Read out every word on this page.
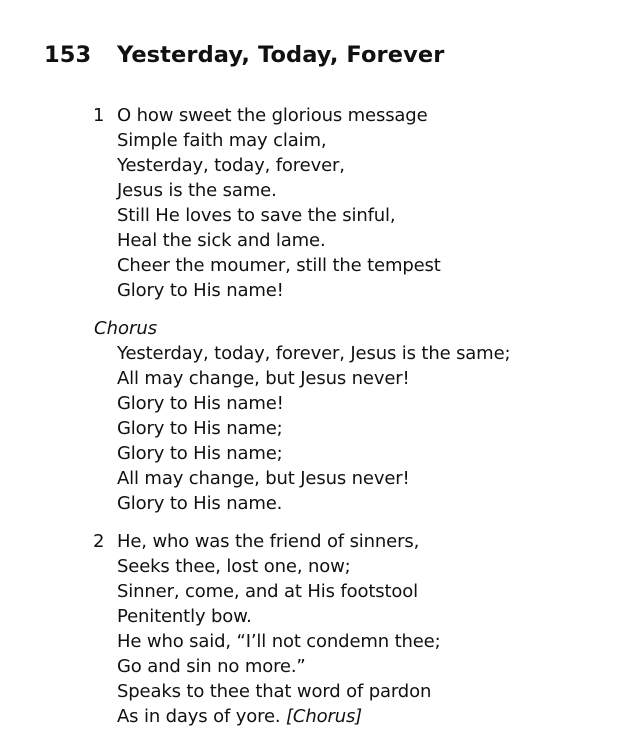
153 Yesterday, Today, Forever
1 O how sweet the glorious message
Simple faith may claim,
Yesterday, today, forever,
Jesus is the same.
Still He loves to save the sinful,
Heal the sick and lame.
Cheer the moumer, still the tempest
Glory to His name!
Chorus
Yesterday, today, forever, Jesus is the same;
All may change, but Jesus never!
Glory to His name!
Glory to His name;
Glory to His name;
All may change, but Jesus never!
Glory to His name.
2 He, who was the friend of sinners,
Seeks thee, lost one, now;
Sinner, come, and at His footstool
Penitently bow.
He who said, “I’ll not condemn thee;
Go and sin no more.”
Speaks to thee that word of pardon
As in days of yore. [Chorus]
